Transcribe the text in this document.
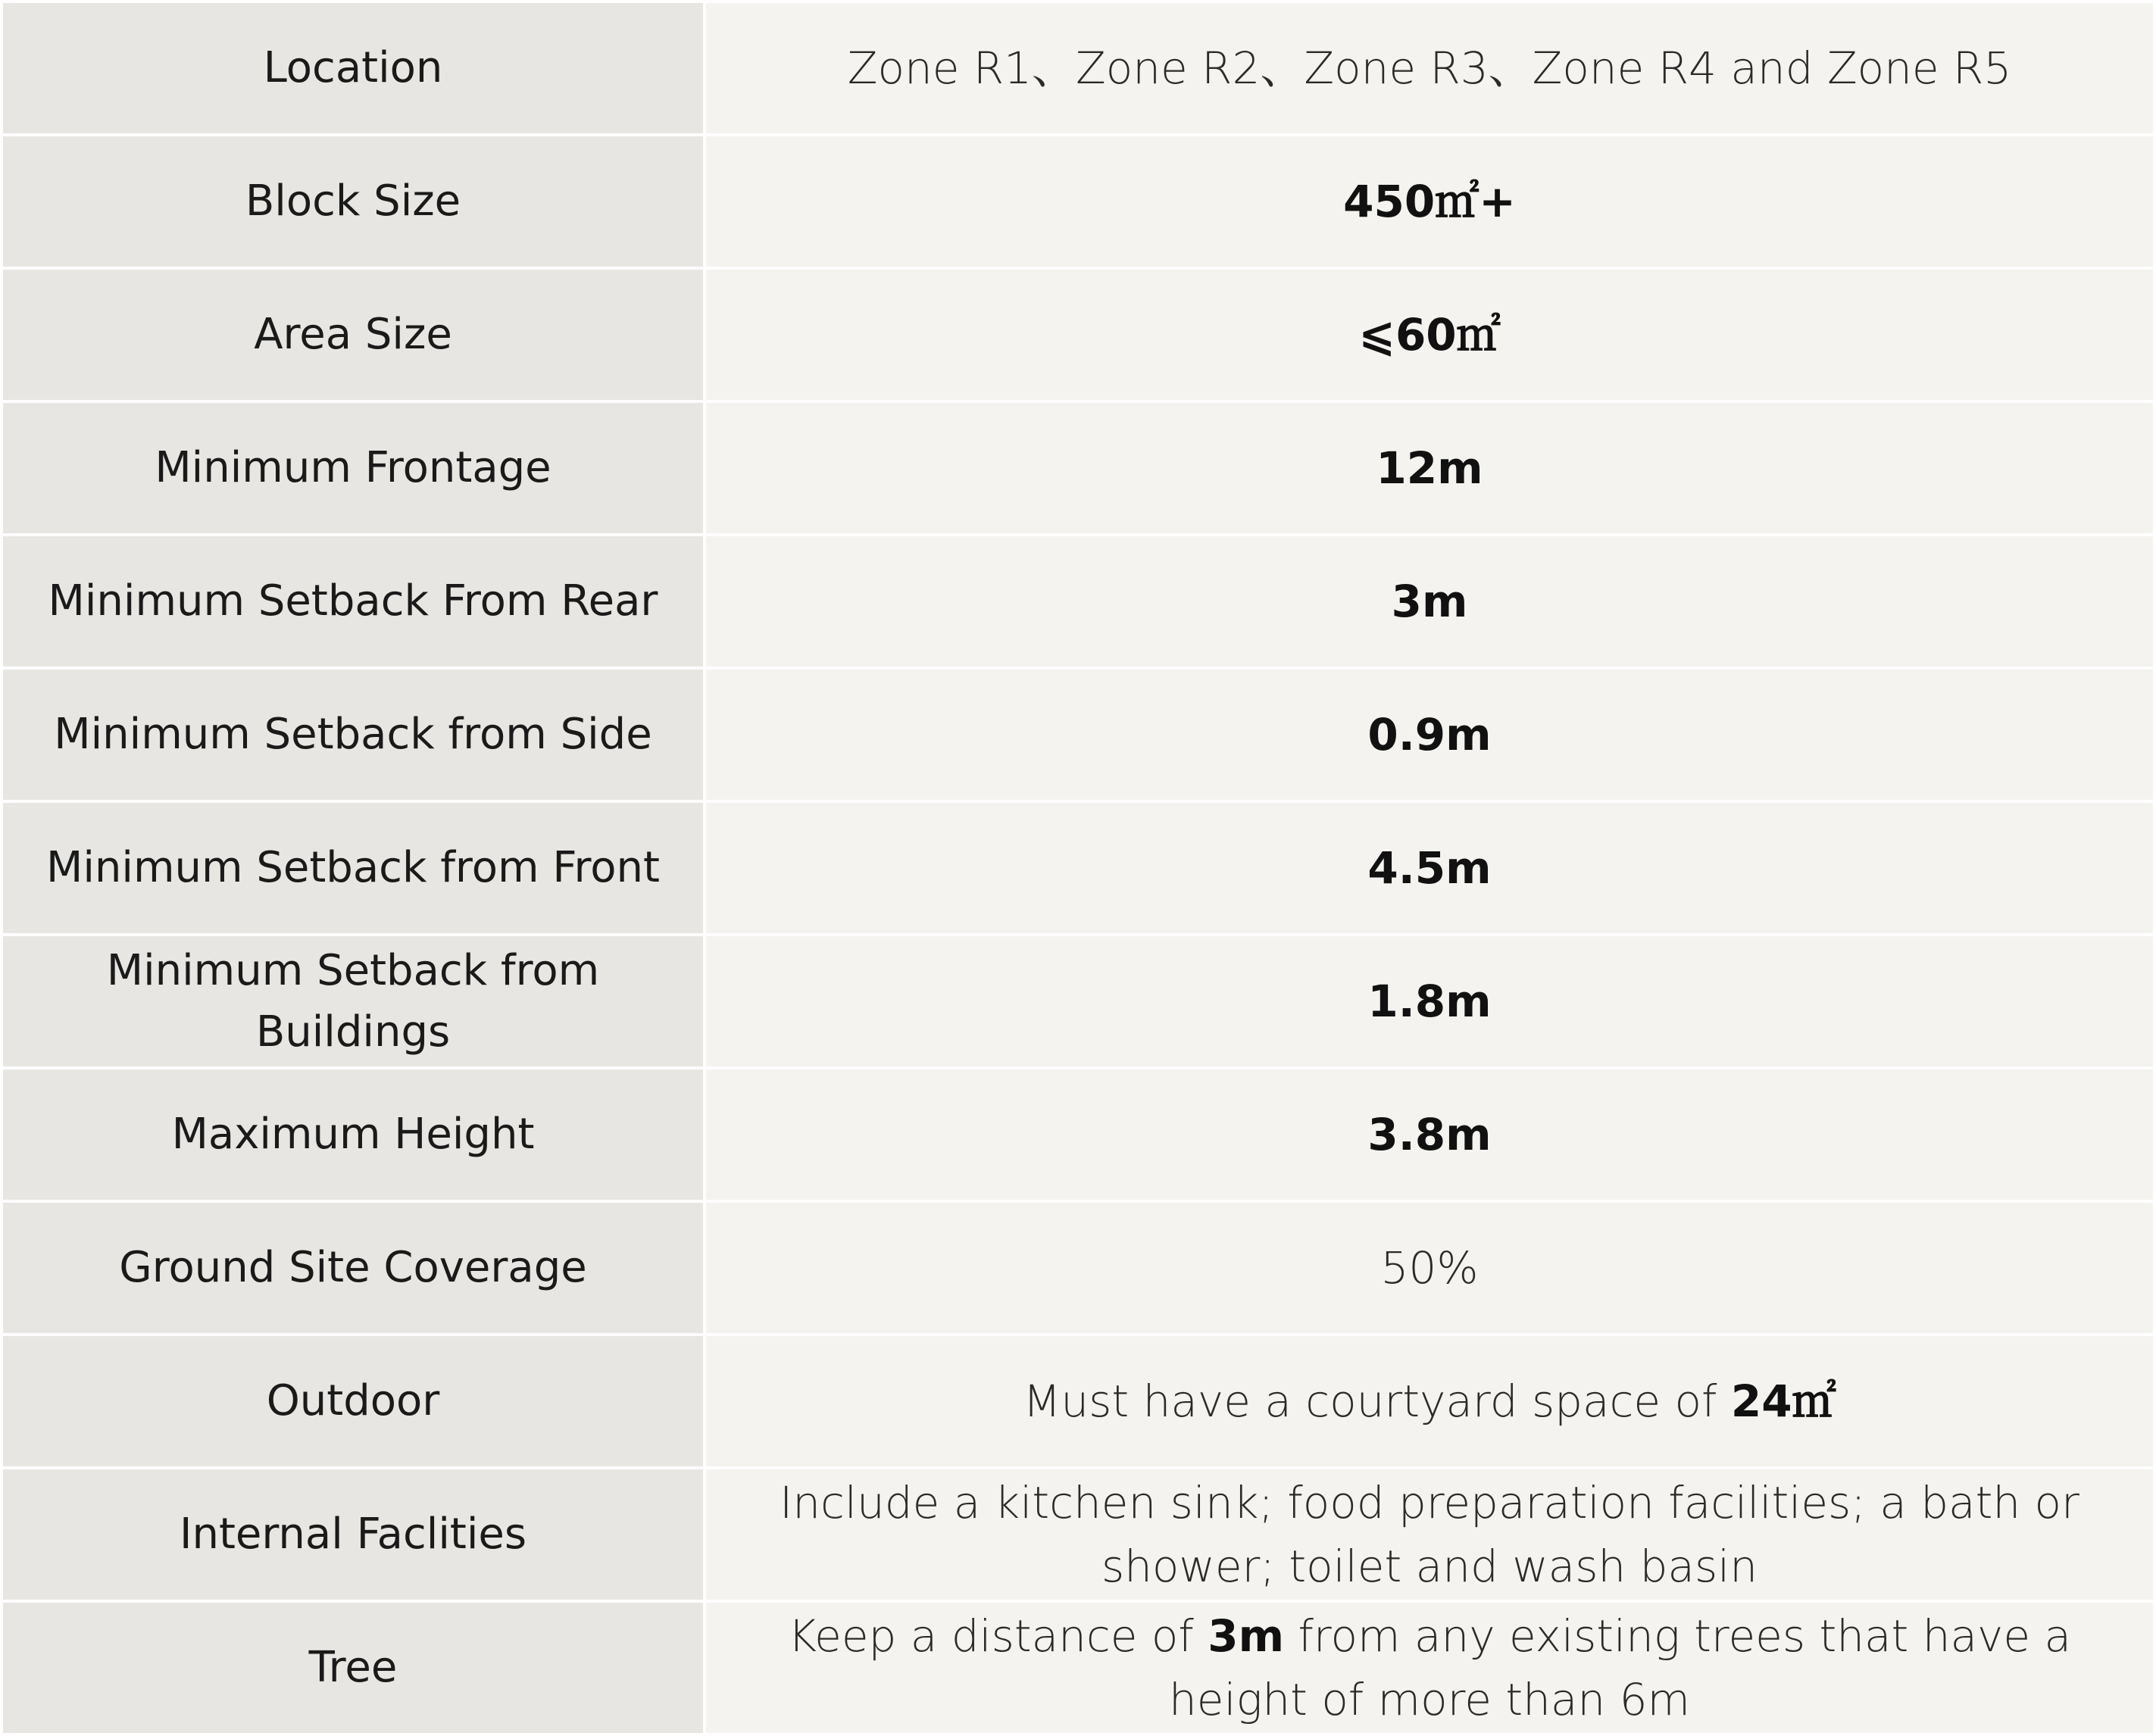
Location	Zone R1、Zone R2、Zone R3、Zone R4 and Zone R5
Block Size	450㎡+
Area Size	⩽60㎡
Minimum Frontage	12m
Minimum Setback From Rear	3m
Minimum Setback from Side	0.9m
Minimum Setback from Front	4.5m
Minimum Setback from Buildings	1.8m
Maximum Height	3.8m
Ground Site Coverage	50%
Outdoor	Must have a courtyard space of 24㎡
Internal Faclities	Include a kitchen sink; food preparation facilities; a bath or shower; toilet and wash basin
Tree	Keep a distance of 3m from any existing trees that have a height of more than 6m
